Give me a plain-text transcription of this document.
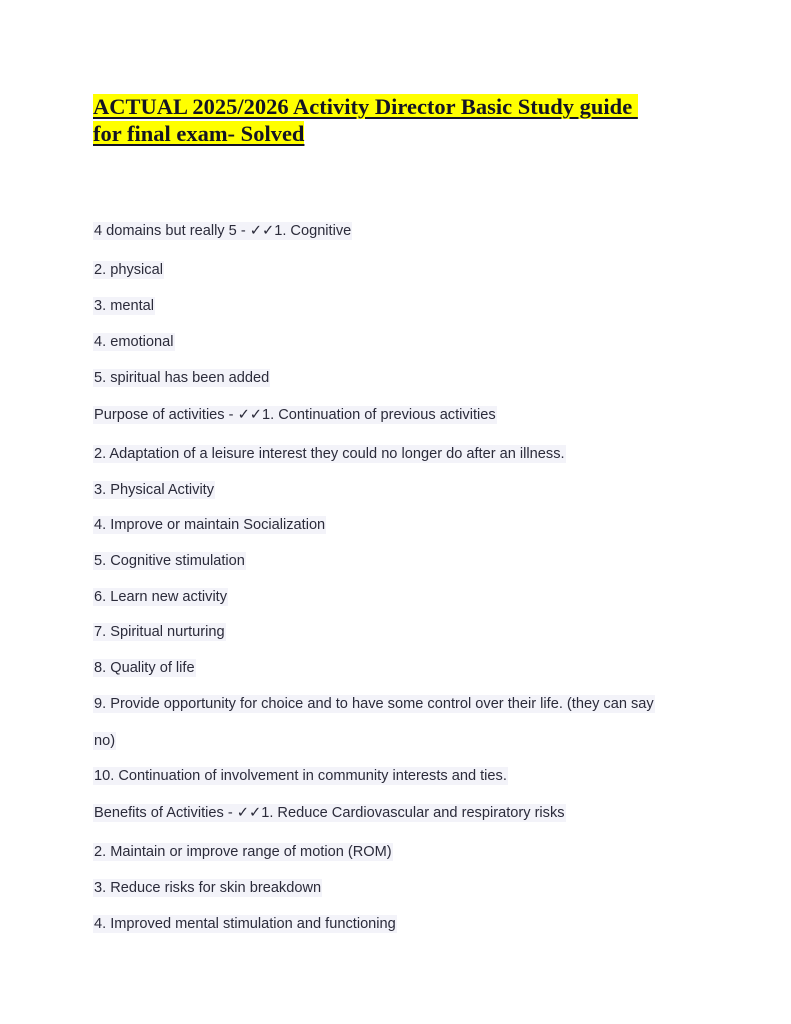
ACTUAL 2025/2026 Activity Director Basic Study guide
for final exam- Solved
4 domains but really 5 - ✓✓1. Cognitive
2. physical
3. mental
4. emotional
5. spiritual has been added
Purpose of activities - ✓✓1. Continuation of previous activities
2. Adaptation of a leisure interest they could no longer do after an illness.
3. Physical Activity
4. Improve or maintain Socialization
5. Cognitive stimulation
6. Learn new activity
7. Spiritual nurturing
8. Quality of life
9. Provide opportunity for choice and to have some control over their life. (they can say
no)
10. Continuation of involvement in community interests and ties.
Benefits of Activities - ✓✓1. Reduce Cardiovascular and respiratory risks
2. Maintain or improve range of motion (ROM)
3. Reduce risks for skin breakdown
4. Improved mental stimulation and functioning
